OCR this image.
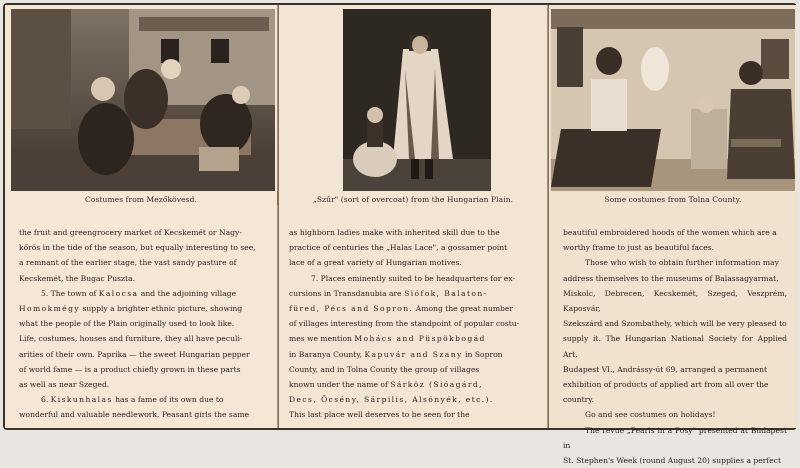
Costumes from Mezőkövesd.

the fruit and greengrocery market of Kecskemét or Nagy-
kőrös in the tide of the season, but equally interesting to see,
a remnant of the earlier stage, the vast sandy pasture of
Kecskemét, the Bugac Puszta.

5. The town of Kalocsa and the adjoining village
Homokmégy supply a brighter ethnic picture, showing
what the people of the Plain originally used to look like.
Life, costumes, houses and furniture, they all have peculi-
arities of their own. Paprika — the sweet Hungarian pepper
of world fame — is a product chiefly grown in these parts
as well as near Szeged.

6. Kiskunhalas has a fame of its own due to
wonderful and valuable needlework. Peasant girls the same

„Szűr" (sort of overcoat) from the Hungarian Plain.

as highborn ladies make with inherited skill due to the
practice of centuries the „Halas Lace", a gossamer point
lace of a great variety of Hungarian motives.

7. Places eminently suited to be headquarters for ex-
cursions in Transdanubia are Siófok, Balaton-
füred, Pécs and Sopron. Among the great number
of villages interesting from the standpoint of popular costu-
mes we mention Mohács and Püspökbogád
in Baranya County, Kapuvár and Szany in Sopron
County, and in Tolna County the group of villages
known under the name of Sárköz (Sióagárd,
Decs, Őcsény, Sárpilis, Alsónyék, etc.).
This last place well deserves to be seen for the

Some costumes from Tolna County.

beautiful embroidered hoods of the women which are a
worthy frame to just as beautiful faces.

Those who wish to obtain further information may
address themselves to the museums of Balassagyarmat,
Miskolc, Debrecen, Kecskemét, Szeged, Veszprém, Kaposvár,
Szekszárd and Szombathely, which will be very pleased to
supply it. The Hungarian National Society for Applied Art,
Budapest VI., Andrássy-út 69, arranged a permanent
exhibition of products of applied art from all over the
country.

Go and see costumes on holidays!

The revue „Pearls in a Posy" presented at Budapest in
St. Stephen's Week (round August 20) supplies a perfect
